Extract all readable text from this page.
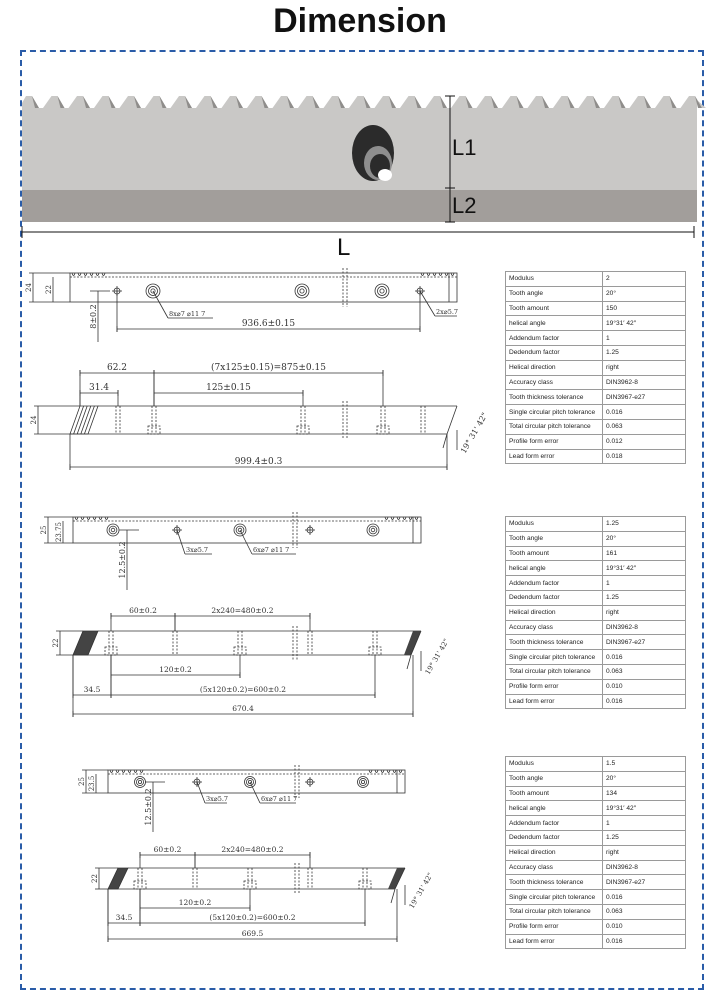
Dimension
L1
L2
L
24 22
8±0.2	2x⌀5.7
8x⌀7 ⌀11 7
936.6±0.15
24
62.2
31.4
(7x125±0.15)=875±0.15
125±0.15
999.4±0.3
19° 31' 42"
25 23.75
12.5±0.2	3x⌀5.7	6x⌀7 ⌀11 7
22
60±0.2	2x240=480±0.2
120±0.2
34.5	(5x120±0.2)=600±0.2
670.4
19° 31' 42"
25 23.5
12.5±0.2	3x⌀5.7	6x⌀7 ⌀11 7
22
60±0.2	2x240=480±0.2
120±0.2
34.5	(5x120±0.2)=600±0.2
669.5
19° 31' 42"
Modulus	2
Tooth angle	20°
Tooth amount	150
helical angle	19°31′ 42″
Addendum factor	1
Dedendum factor	1.25
Helical direction	right
Accuracy class	DIN3962-8
Tooth thickness tolerance	DIN3967-e27
Single circular pitch tolerance	0.016
Total circular pitch tolerance	0.063
Profile form error	0.012
Lead form error	0.018
Modulus	1.25
Tooth angle	20°
Tooth amount	161
helical angle	19°31′ 42″
Addendum factor	1
Dedendum factor	1.25
Helical direction	right
Accuracy class	DIN3962-8
Tooth thickness tolerance	DIN3967-e27
Single circular pitch tolerance	0.016
Total circular pitch tolerance	0.063
Profile form error	0.010
Lead form error	0.016
Modulus	1.5
Tooth angle	20°
Tooth amount	134
helical angle	19°31′ 42″
Addendum factor	1
Dedendum factor	1.25
Helical direction	right
Accuracy class	DIN3962-8
Tooth thickness tolerance	DIN3967-e27
Single circular pitch tolerance	0.016
Total circular pitch tolerance	0.063
Profile form error	0.010
Lead form error	0.016
